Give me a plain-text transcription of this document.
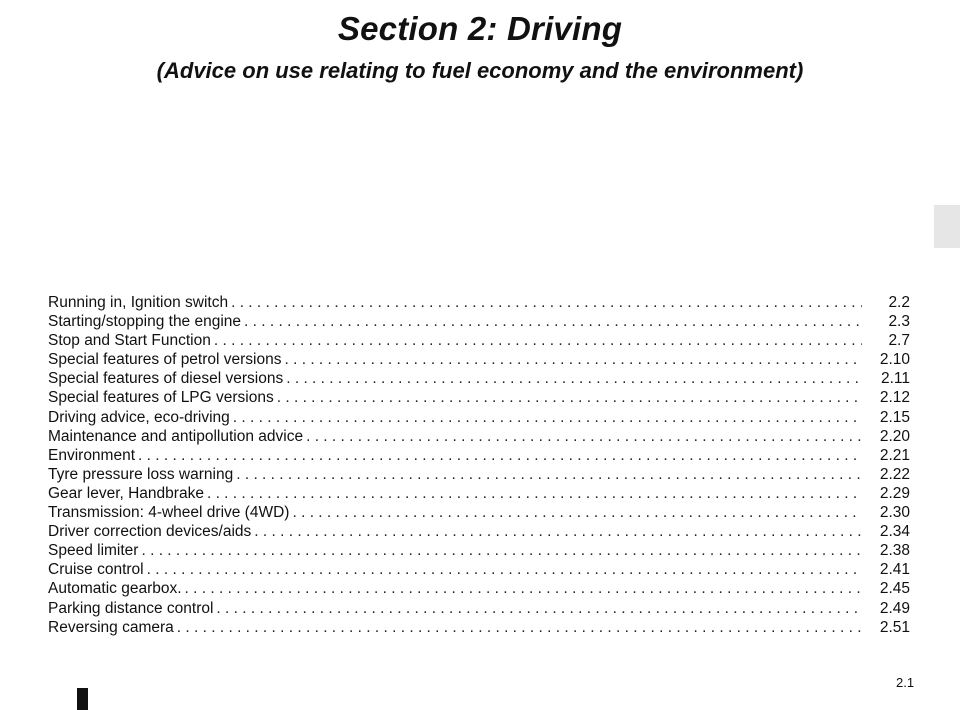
Section 2: Driving
(Advice on use relating to fuel economy and the environment)
Running in, Ignition switch . . .	2.2
Starting/stopping the engine . . .	2.3
Stop and Start Function . . .	2.7
Special features of petrol versions . . .	2.10
Special features of diesel versions . . .	2.11
Special features of LPG versions . . .	2.12
Driving advice, eco-driving . . .	2.15
Maintenance and antipollution advice . . .	2.20
Environment . . .	2.21
Tyre pressure loss warning . . .	2.22
Gear lever, Handbrake . . .	2.29
Transmission: 4-wheel drive (4WD) . . .	2.30
Driver correction devices/aids . . .	2.34
Speed limiter . . .	2.38
Cruise control . . .	2.41
Automatic gearbox. . . .	2.45
Parking distance control . . .	2.49
Reversing camera . . .	2.51
2.1
